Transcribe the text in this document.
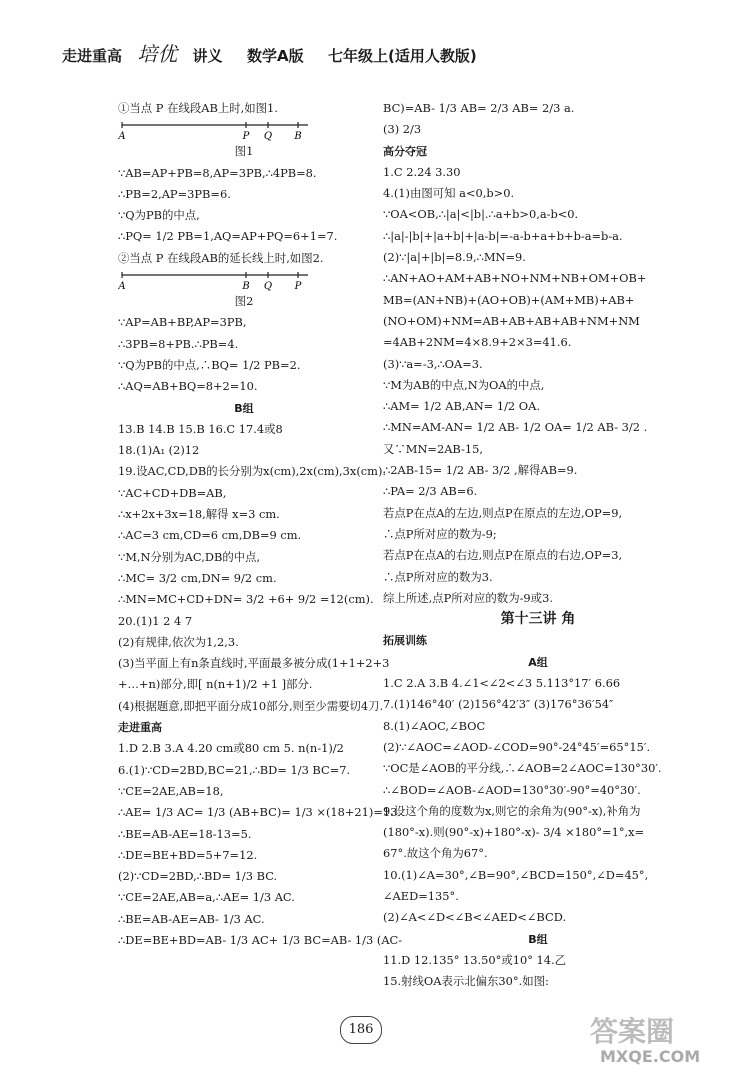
走进重高 培优 讲义 数学A版 七年级上(适用人教版)

①当点 P 在线段AB上时,如图1.

A	P Q B

图1

∵AB=AP+PB=8,AP=3PB,∴4PB=8.

∴PB=2,AP=3PB=6.

∵Q为PB的中点,

∴PQ= 1/2 PB=1,AQ=AP+PQ=6+1=7.

②当点 P 在线段AB的延长线上时,如图2.

A	B Q P

图2

∵AP=AB+BP,AP=3PB,

∴3PB=8+PB.∴PB=4.

∵Q为PB的中点,∴BQ= 1/2 PB=2.

∴AQ=AB+BQ=8+2=10.

B组

13.B 14.B 15.B 16.C 17.4或8

18.(1)A₁ (2)12

19.设AC,CD,DB的长分别为x(cm),2x(cm),3x(cm).

∵AC+CD+DB=AB,

∴x+2x+3x=18,解得 x=3 cm.

∴AC=3 cm,CD=6 cm,DB=9 cm.

∵M,N分别为AC,DB的中点,

∴MC= 3/2 cm,DN= 9/2 cm.

∴MN=MC+CD+DN= 3/2 +6+ 9/2 =12(cm).

20.(1)1 2 4 7

(2)有规律,依次为1,2,3.

(3)当平面上有n条直线时,平面最多被分成(1+1+2+3

+…+n)部分,即[ n(n+1)/2 +1 ]部分.

(4)根据题意,即把平面分成10部分,则至少需要切4刀.

走进重高

1.D 2.B 3.A 4.20 cm或80 cm 5. n(n-1)/2

6.(1)∵CD=2BD,BC=21,∴BD= 1/3 BC=7.

∵CE=2AE,AB=18,

∴AE= 1/3 AC= 1/3 (AB+BC)= 1/3 ×(18+21)=13.

∴BE=AB-AE=18-13=5.

∴DE=BE+BD=5+7=12.

(2)∵CD=2BD,∴BD= 1/3 BC.

∵CE=2AE,AB=a,∴AE= 1/3 AC.

∴BE=AB-AE=AB- 1/3 AC.

∴DE=BE+BD=AB- 1/3 AC+ 1/3 BC=AB- 1/3 (AC-

BC)=AB- 1/3 AB= 2/3 AB= 2/3 a.

(3) 2/3

高分夺冠

1.C 2.24 3.30

4.(1)由图可知 a<0,b>0.

∵OA<OB,∴|a|<|b|.∴a+b>0,a-b<0.

∴|a|-|b|+|a+b|+|a-b|=-a-b+a+b+b-a=b-a.

(2)∵|a|+|b|=8.9,∴MN=9.

∴AN+AO+AM+AB+NO+NM+NB+OM+OB+

MB=(AN+NB)+(AO+OB)+(AM+MB)+AB+

(NO+OM)+NM=AB+AB+AB+AB+NM+NM

=4AB+2NM=4×8.9+2×3=41.6.

(3)∵a=-3,∴OA=3.

∵M为AB的中点,N为OA的中点,

∴AM= 1/2 AB,AN= 1/2 OA.

∴MN=AM-AN= 1/2 AB- 1/2 OA= 1/2 AB- 3/2 .

又∵MN=2AB-15,

∴2AB-15= 1/2 AB- 3/2 ,解得AB=9.

∴PA= 2/3 AB=6.

若点P在点A的左边,则点P在原点的左边,OP=9,

∴点P所对应的数为-9;

若点P在点A的右边,则点P在原点的右边,OP=3,

∴点P所对应的数为3.

综上所述,点P所对应的数为-9或3.

第十三讲 角

拓展训练

A组

1.C 2.A 3.B 4.∠1<∠2<∠3 5.113°17′ 6.66

7.(1)146°40′ (2)156°42′3″ (3)176°36′54″

8.(1)∠AOC,∠BOC

(2)∵∠AOC=∠AOD-∠COD=90°-24°45′=65°15′.

∵OC是∠AOB的平分线,∴∠AOB=2∠AOC=130°30′.

∴∠BOD=∠AOB-∠AOD=130°30′-90°=40°30′.

9.设这个角的度数为x,则它的余角为(90°-x),补角为

(180°-x).则(90°-x)+180°-x)- 3/4 ×180°=1°,x=

67°.故这个角为67°.

10.(1)∠A=30°,∠B=90°,∠BCD=150°,∠D=45°,

∠AED=135°.

(2)∠A<∠D<∠B<∠AED<∠BCD.

B组

11.D 12.135° 13.50°或10° 14.乙

15.射线OA表示北偏东30°.如图:

186	答案圈
MXQE.COM
